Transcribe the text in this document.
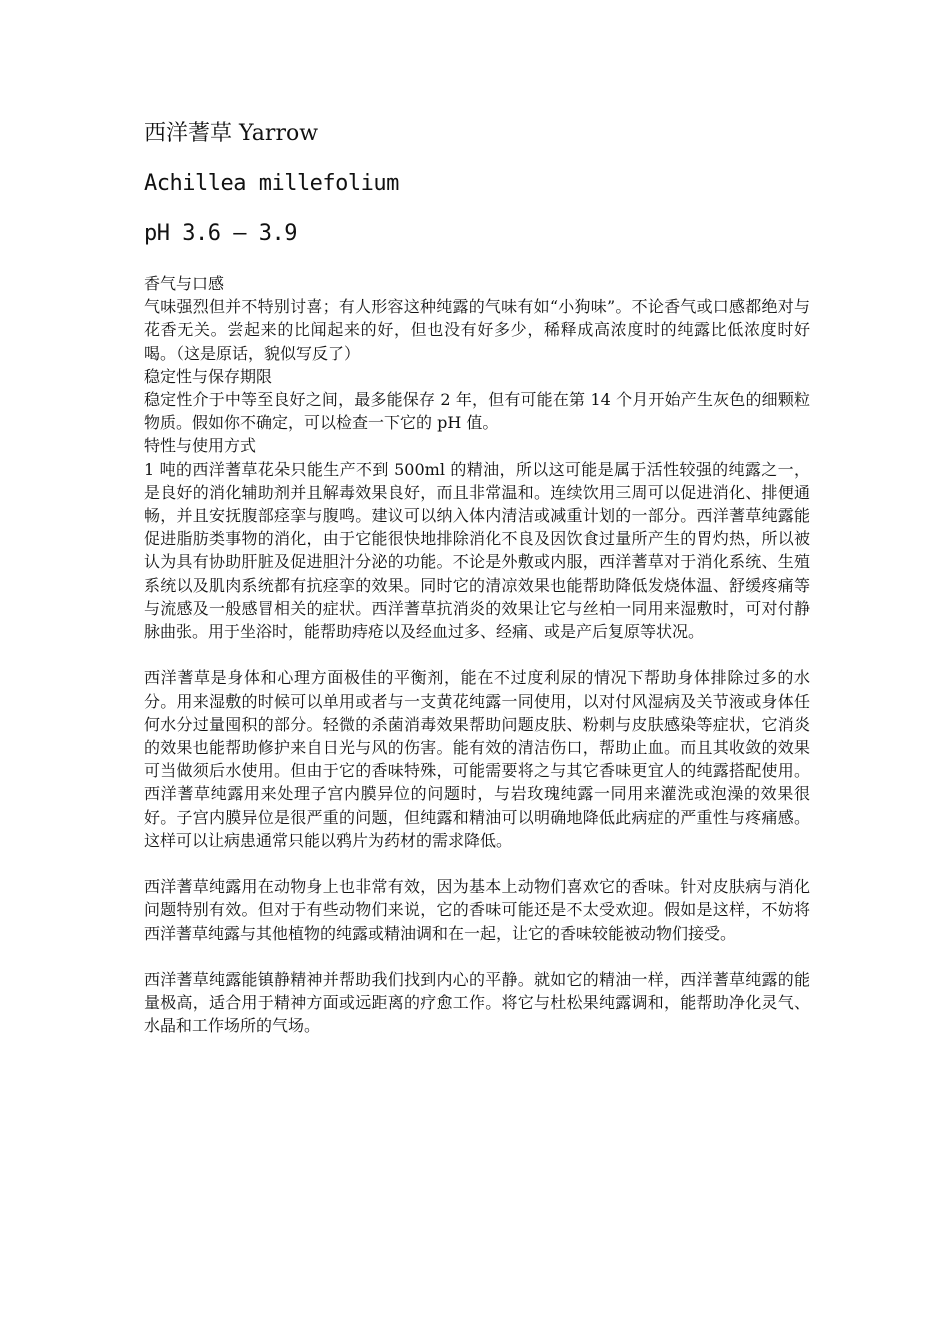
西洋蓍草 Yarrow

Achillea millefolium

pH 3.6 – 3.9

香气与口感

气味强烈但并不特别讨喜；有人形容这种纯露的气味有如“小狗味”。不论香气或口感都绝对与花香无关。尝起来的比闻起来的好，但也没有好多少，稀释成高浓度时的纯露比低浓度时好喝。（这是原话，貌似写反了）

稳定性与保存期限

稳定性介于中等至良好之间，最多能保存 2 年，但有可能在第 14 个月开始产生灰色的细颗粒物质。假如你不确定，可以检查一下它的 pH 值。

特性与使用方式

1 吨的西洋蓍草花朵只能生产不到 500ml 的精油，所以这可能是属于活性较强的纯露之一，是良好的消化辅助剂并且解毒效果良好，而且非常温和。连续饮用三周可以促进消化、排便通畅，并且安抚腹部痉挛与腹鸣。建议可以纳入体内清洁或减重计划的一部分。西洋蓍草纯露能促进脂肪类事物的消化，由于它能很快地排除消化不良及因饮食过量所产生的胃灼热，所以被认为具有协助肝脏及促进胆汁分泌的功能。不论是外敷或内服，西洋蓍草对于消化系统、生殖系统以及肌肉系统都有抗痉挛的效果。同时它的清凉效果也能帮助降低发烧体温、舒缓疼痛等与流感及一般感冒相关的症状。西洋蓍草抗消炎的效果让它与丝柏一同用来湿敷时，可对付静脉曲张。用于坐浴时，能帮助痔疮以及经血过多、经痛、或是产后复原等状况。

西洋蓍草是身体和心理方面极佳的平衡剂，能在不过度利尿的情况下帮助身体排除过多的水分。用来湿敷的时候可以单用或者与一支黄花纯露一同使用，以对付风湿病及关节液或身体任何水分过量囤积的部分。轻微的杀菌消毒效果帮助问题皮肤、粉刺与皮肤感染等症状，它消炎的效果也能帮助修护来自日光与风的伤害。能有效的清洁伤口，帮助止血。而且其收敛的效果可当做须后水使用。但由于它的香味特殊，可能需要将之与其它香味更宜人的纯露搭配使用。西洋蓍草纯露用来处理子宫内膜异位的问题时，与岩玫瑰纯露一同用来灌洗或泡澡的效果很好。子宫内膜异位是很严重的问题，但纯露和精油可以明确地降低此病症的严重性与疼痛感。这样可以让病患通常只能以鸦片为药材的需求降低。

西洋蓍草纯露用在动物身上也非常有效，因为基本上动物们喜欢它的香味。针对皮肤病与消化问题特别有效。但对于有些动物们来说，它的香味可能还是不太受欢迎。假如是这样，不妨将西洋蓍草纯露与其他植物的纯露或精油调和在一起，让它的香味较能被动物们接受。

西洋蓍草纯露能镇静精神并帮助我们找到内心的平静。就如它的精油一样，西洋蓍草纯露的能量极高，适合用于精神方面或远距离的疗愈工作。将它与杜松果纯露调和，能帮助净化灵气、水晶和工作场所的气场。
